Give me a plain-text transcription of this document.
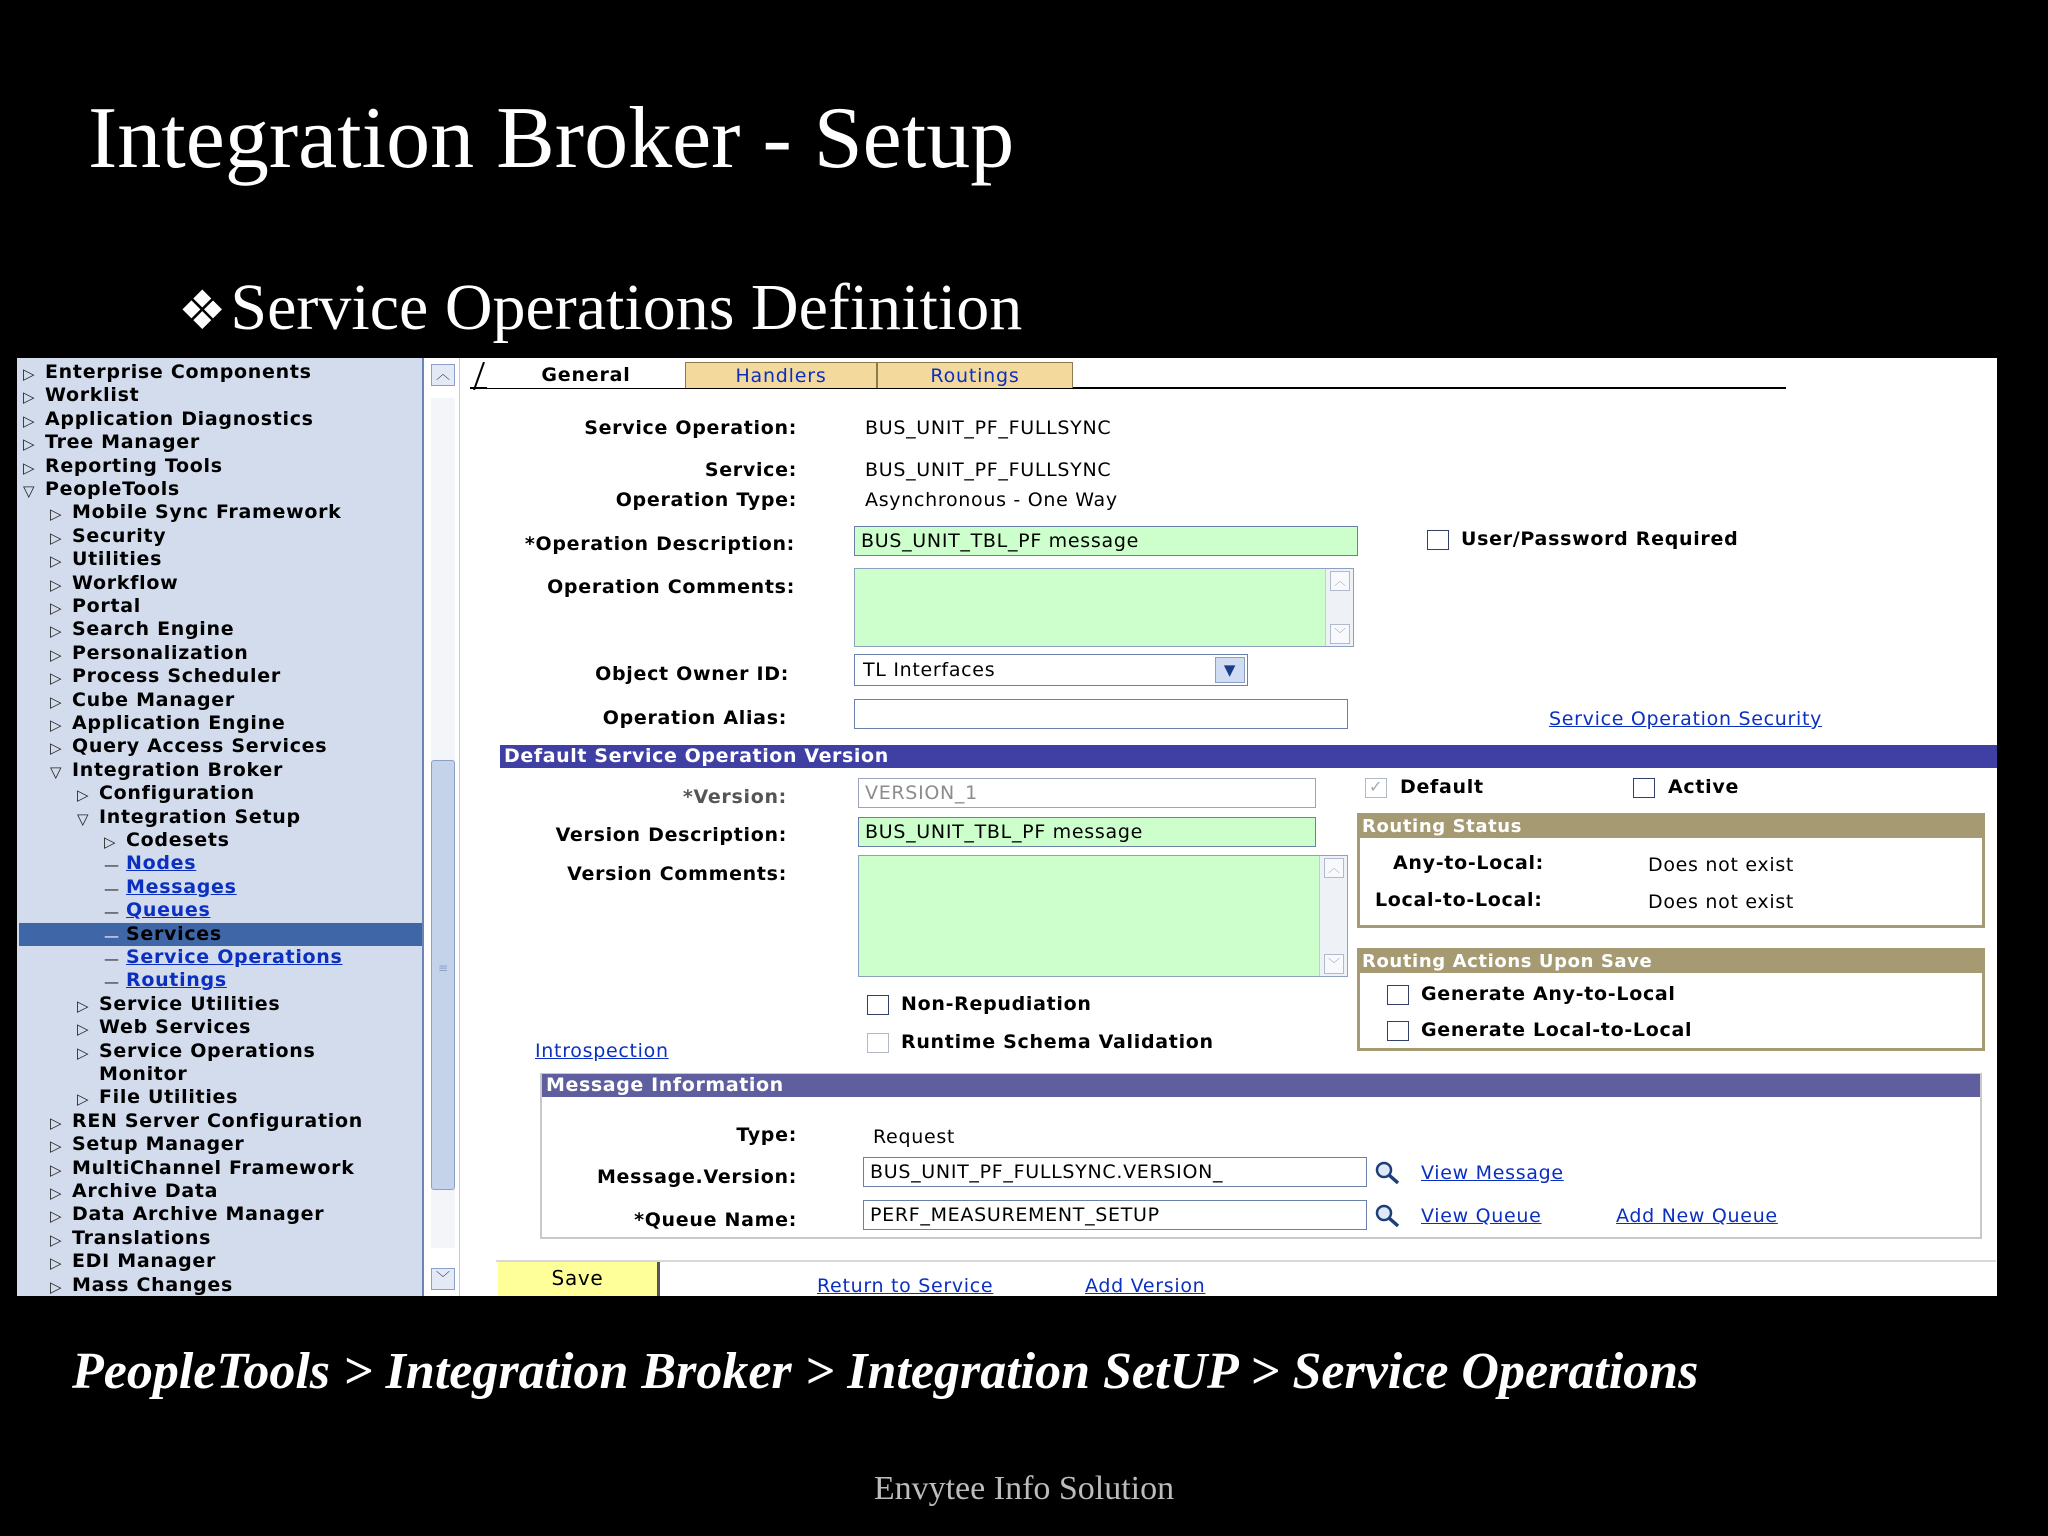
Integration Broker - Setup
❖Service Operations Definition
▷ Enterprise Components
▷ Worklist
▷ Application Diagnostics
▷ Tree Manager
▷ Reporting Tools
▽ PeopleTools
▷ Mobile Sync Framework
▷ Security
▷ Utilities
▷ Workflow
▷ Portal
▷ Search Engine
▷ Personalization
▷ Process Scheduler
▷ Cube Manager
▷ Application Engine
▷ Query Access Services
▽ Integration Broker
▷ Configuration
▽ Integration Setup
▷ Codesets
— Nodes
— Messages
— Queues
— Services
— Service Operations
— Routings
▷ Service Utilities
▷ Web Services
▷ Service Operations
Monitor
▷ File Utilities
▷ REN Server Configuration
▷ Setup Manager
▷ MultiChannel Framework
▷ Archive Data
▷ Data Archive Manager
▷ Translations
▷ EDI Manager
▷ Mass Changes
︿
≡
﹀
General	Handlers	Routings
Service Operation:	BUS_UNIT_PF_FULLSYNC
Service:	BUS_UNIT_PF_FULLSYNC
Operation Type:	Asynchronous - One Way
*Operation Description:	BUS_UNIT_TBL_PF message	User/Password Required
Operation Comments:	︿
﹀
Object Owner ID:	TL Interfaces	▼
Operation Alias:	Service Operation Security
Default Service Operation Version
*Version:	VERSION_1
✓	Default	Active
Version Description:	BUS_UNIT_TBL_PF message
Version Comments:	︿
﹀
Non-Repudiation
Runtime Schema Validation
Introspection
Routing Status
Any-to-Local:	Does not exist
Local-to-Local:	Does not exist
Routing Actions Upon Save
Generate Any-to-Local
Generate Local-to-Local
Message Information
Type:	Request
Message.Version:	BUS_UNIT_PF_FULLSYNC.VERSION_	View Message
*Queue Name:	PERF_MEASUREMENT_SETUP	View Queue	Add New Queue
Save	Return to Service	Add Version
PeopleTools > Integration Broker > Integration SetUP > Service Operations
Envytee Info Solution
